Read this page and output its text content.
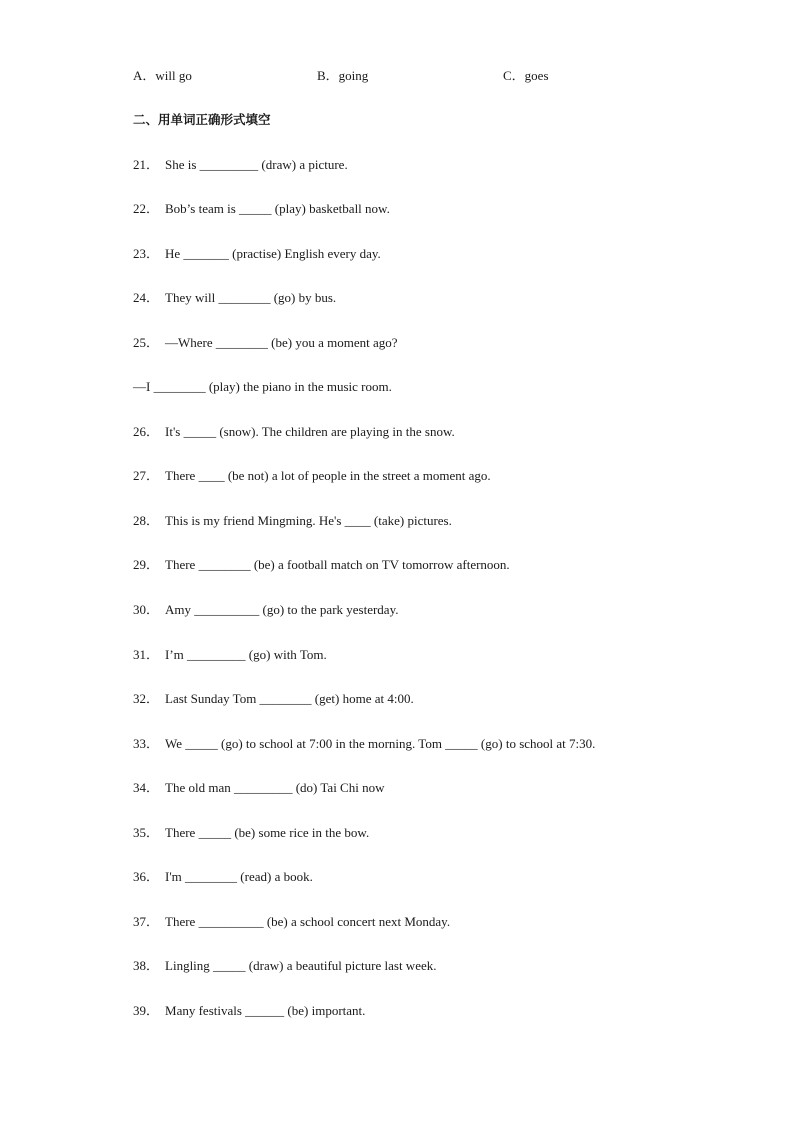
A．will go	B．going	C．goes
二、用单词正确形式填空
21． She is _________ (draw) a picture.
22． Bob’s team is _____ (play) basketball now.
23． He _______ (practise) English every day.
24． They will ________ (go) by bus.
25． —Where ________ (be) you a moment ago?
—I ________ (play) the piano in the music room.
26． It's _____ (snow). The children are playing in the snow.
27． There ____ (be not) a lot of people in the street a moment ago.
28． This is my friend Mingming. He's ____ (take) pictures.
29． There ________ (be) a football match on TV tomorrow afternoon.
30． Amy __________ (go) to the park yesterday.
31． I’m _________ (go) with Tom.
32． Last Sunday Tom ________ (get) home at 4:00.
33． We _____ (go) to school at 7:00 in the morning. Tom _____ (go) to school at 7:30.
34． The old man _________ (do) Tai Chi now
35． There _____ (be) some rice in the bow.
36． I'm ________ (read) a book.
37． There __________ (be) a school concert next Monday.
38． Lingling _____ (draw) a beautiful picture last week.
39． Many festivals ______ (be) important.
